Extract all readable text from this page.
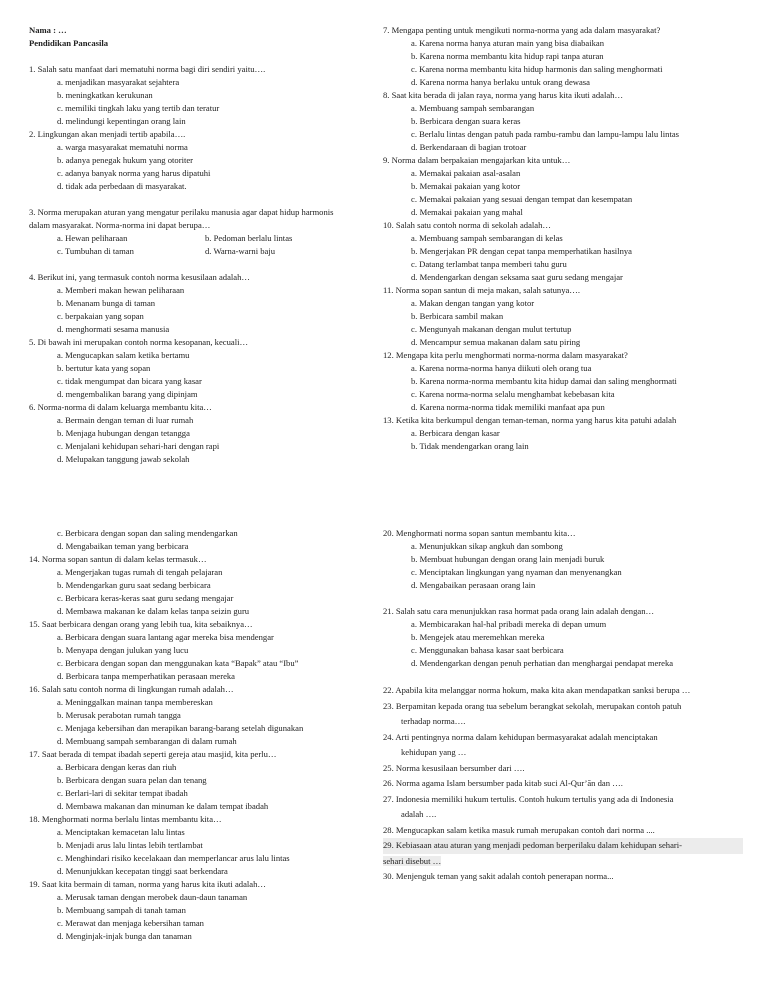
Nama : …
Pendidikan Pancasila
1. Salah satu manfaat dari mematuhi norma bagi diri sendiri yaitu….
a. menjadikan masyarakat sejahtera
b. meningkatkan kerukunan
c. memiliki tingkah laku yang tertib dan teratur
d. melindungi kepentingan orang lain
2. Lingkungan akan menjadi tertib apabila….
a. warga masyarakat mematuhi norma
b. adanya penegak hukum yang otoriter
c. adanya banyak norma yang harus dipatuhi
d. tidak ada perbedaan di masyarakat.
3. Norma merupakan aturan yang mengatur perilaku manusia agar dapat hidup harmonis
dalam masyarakat. Norma-norma ini dapat berupa…
a. Hewan peliharaan	b. Pedoman berlalu lintas
c. Tumbuhan di taman	d. Warna-warni baju
4. Berikut ini, yang termasuk contoh norma kesusilaan adalah…
a. Memberi makan hewan peliharaan
b. Menanam bunga di taman
c. berpakaian yang sopan
d. menghormati sesama manusia
5. Di bawah ini merupakan contoh norma kesopanan, kecuali…
a. Mengucapkan salam ketika bertamu
b. bertutur kata yang sopan
c. tidak mengumpat dan bicara yang kasar
d. mengembalikan barang yang dipinjam
6. Norma-norma di dalam keluarga membantu kita…
a. Bermain dengan teman di luar rumah
b. Menjaga hubungan dengan tetangga
c. Menjalani kehidupan sehari-hari dengan rapi
d. Melupakan tanggung jawab sekolah
7. Mengapa penting untuk mengikuti norma-norma yang ada dalam masyarakat?
a. Karena norma hanya aturan main yang bisa diabaikan
b. Karena norma membantu kita hidup rapi tanpa aturan
c. Karena norma membantu kita hidup harmonis dan saling menghormati
d. Karena norma hanya berlaku untuk orang dewasa
8. Saat kita berada di jalan raya, norma yang harus kita ikuti adalah…
a. Membuang sampah sembarangan
b. Berbicara dengan suara keras
c. Berlalu lintas dengan patuh pada rambu-rambu dan lampu-lampu lalu lintas
d. Berkendaraan di bagian trotoar
9. Norma dalam berpakaian mengajarkan kita untuk…
a. Memakai pakaian asal-asalan
b. Memakai pakaian yang kotor
c. Memakai pakaian yang sesuai dengan tempat dan kesempatan
d. Memakai pakaian yang mahal
10. Salah satu contoh norma di sekolah adalah…
a. Membuang sampah sembarangan di kelas
b. Mengerjakan PR dengan cepat tanpa memperhatikan hasilnya
c. Datang terlambat tanpa memberi tahu guru
d. Mendengarkan dengan seksama saat guru sedang mengajar
11. Norma sopan santun di meja makan, salah satunya….
a. Makan dengan tangan yang kotor
b. Berbicara sambil makan
c. Mengunyah makanan dengan mulut tertutup
d. Mencampur semua makanan dalam satu piring
12. Mengapa kita perlu menghormati norma-norma dalam masyarakat?
a. Karena norma-norma hanya diikuti oleh orang tua
b. Karena norma-norma membantu kita hidup damai dan saling menghormati
c. Karena norma-norma selalu menghambat kebebasan kita
d. Karena norma-norma tidak memiliki manfaat apa pun
13. Ketika kita berkumpul dengan teman-teman, norma yang harus kita patuhi adalah
a. Berbicara dengan kasar
b. Tidak mendengarkan orang lain
c. Berbicara dengan sopan dan saling mendengarkan
d. Mengabaikan teman yang berbicara
14. Norma sopan santun di dalam kelas termasuk…
a. Mengerjakan tugas rumah di tengah pelajaran
b. Mendengarkan guru saat sedang berbicara
c. Berbicara keras-keras saat guru sedang mengajar
d. Membawa makanan ke dalam kelas tanpa seizin guru
15. Saat berbicara dengan orang yang lebih tua, kita sebaiknya…
a. Berbicara dengan suara lantang agar mereka bisa mendengar
b. Menyapa dengan julukan yang lucu
c. Berbicara dengan sopan dan menggunakan kata “Bapak” atau “Ibu”
d. Berbicara tanpa memperhatikan perasaan mereka
16. Salah satu contoh norma di lingkungan rumah adalah…
a. Meninggalkan mainan tanpa membereskan
b. Merusak perabotan rumah tangga
c. Menjaga kebersihan dan merapikan barang-barang setelah digunakan
d. Membuang sampah sembarangan di dalam rumah
17. Saat berada di tempat ibadah seperti gereja atau masjid, kita perlu…
a. Berbicara dengan keras dan riuh
b. Berbicara dengan suara pelan dan tenang
c. Berlari-lari di sekitar tempat ibadah
d. Membawa makanan dan minuman ke dalam tempat ibadah
18. Menghormati norma berlalu lintas membantu kita…
a. Menciptakan kemacetan lalu lintas
b. Menjadi arus lalu lintas lebih tertlambat
c. Menghindari risiko kecelakaan dan memperlancar arus lalu lintas
d. Menunjukkan kecepatan tinggi saat berkendara
19. Saat kita bermain di taman, norma yang harus kita ikuti adalah…
a. Merusak taman dengan merobek daun-daun tanaman
b. Membuang sampah di tanah taman
c. Merawat dan menjaga kebersihan taman
d. Menginjak-injak bunga dan tanaman
20. Menghormati norma sopan santun membantu kita…
a. Menunjukkan sikap angkuh dan sombong
b. Membuat hubungan dengan orang lain menjadi buruk
c. Menciptakan lingkungan yang nyaman dan menyenangkan
d. Mengabaikan perasaan orang lain
21. Salah satu cara menunjukkan rasa hormat pada orang lain adalah dengan…
a. Membicarakan hal-hal pribadi mereka di depan umum
b. Mengejek atau meremehkan mereka
c. Menggunakan bahasa kasar saat berbicara
d. Mendengarkan dengan penuh perhatian dan menghargai pendapat mereka
22. Apabila kita melanggar norma hokum, maka kita akan mendapatkan sanksi berupa …
23. Berpamitan kepada orang tua sebelum berangkat sekolah, merupakan contoh patuh
terhadap norma….
24. Arti pentingnya norma dalam kehidupan bermasyarakat adalah menciptakan
kehidupan yang …
25. Norma kesusilaan bersumber dari ….
26. Norma agama Islam bersumber pada kitab suci Al-Qur’ān dan ….
27. Indonesia memiliki hukum tertulis. Contoh hukum tertulis yang ada di Indonesia
adalah ….
28. Mengucapkan salam ketika masuk rumah merupakan contoh dari norma ....
29. Kebiasaan atau aturan yang menjadi pedoman berperilaku dalam kehidupan sehari-
sehari disebut …
30. Menjenguk teman yang sakit adalah contoh penerapan norma...
